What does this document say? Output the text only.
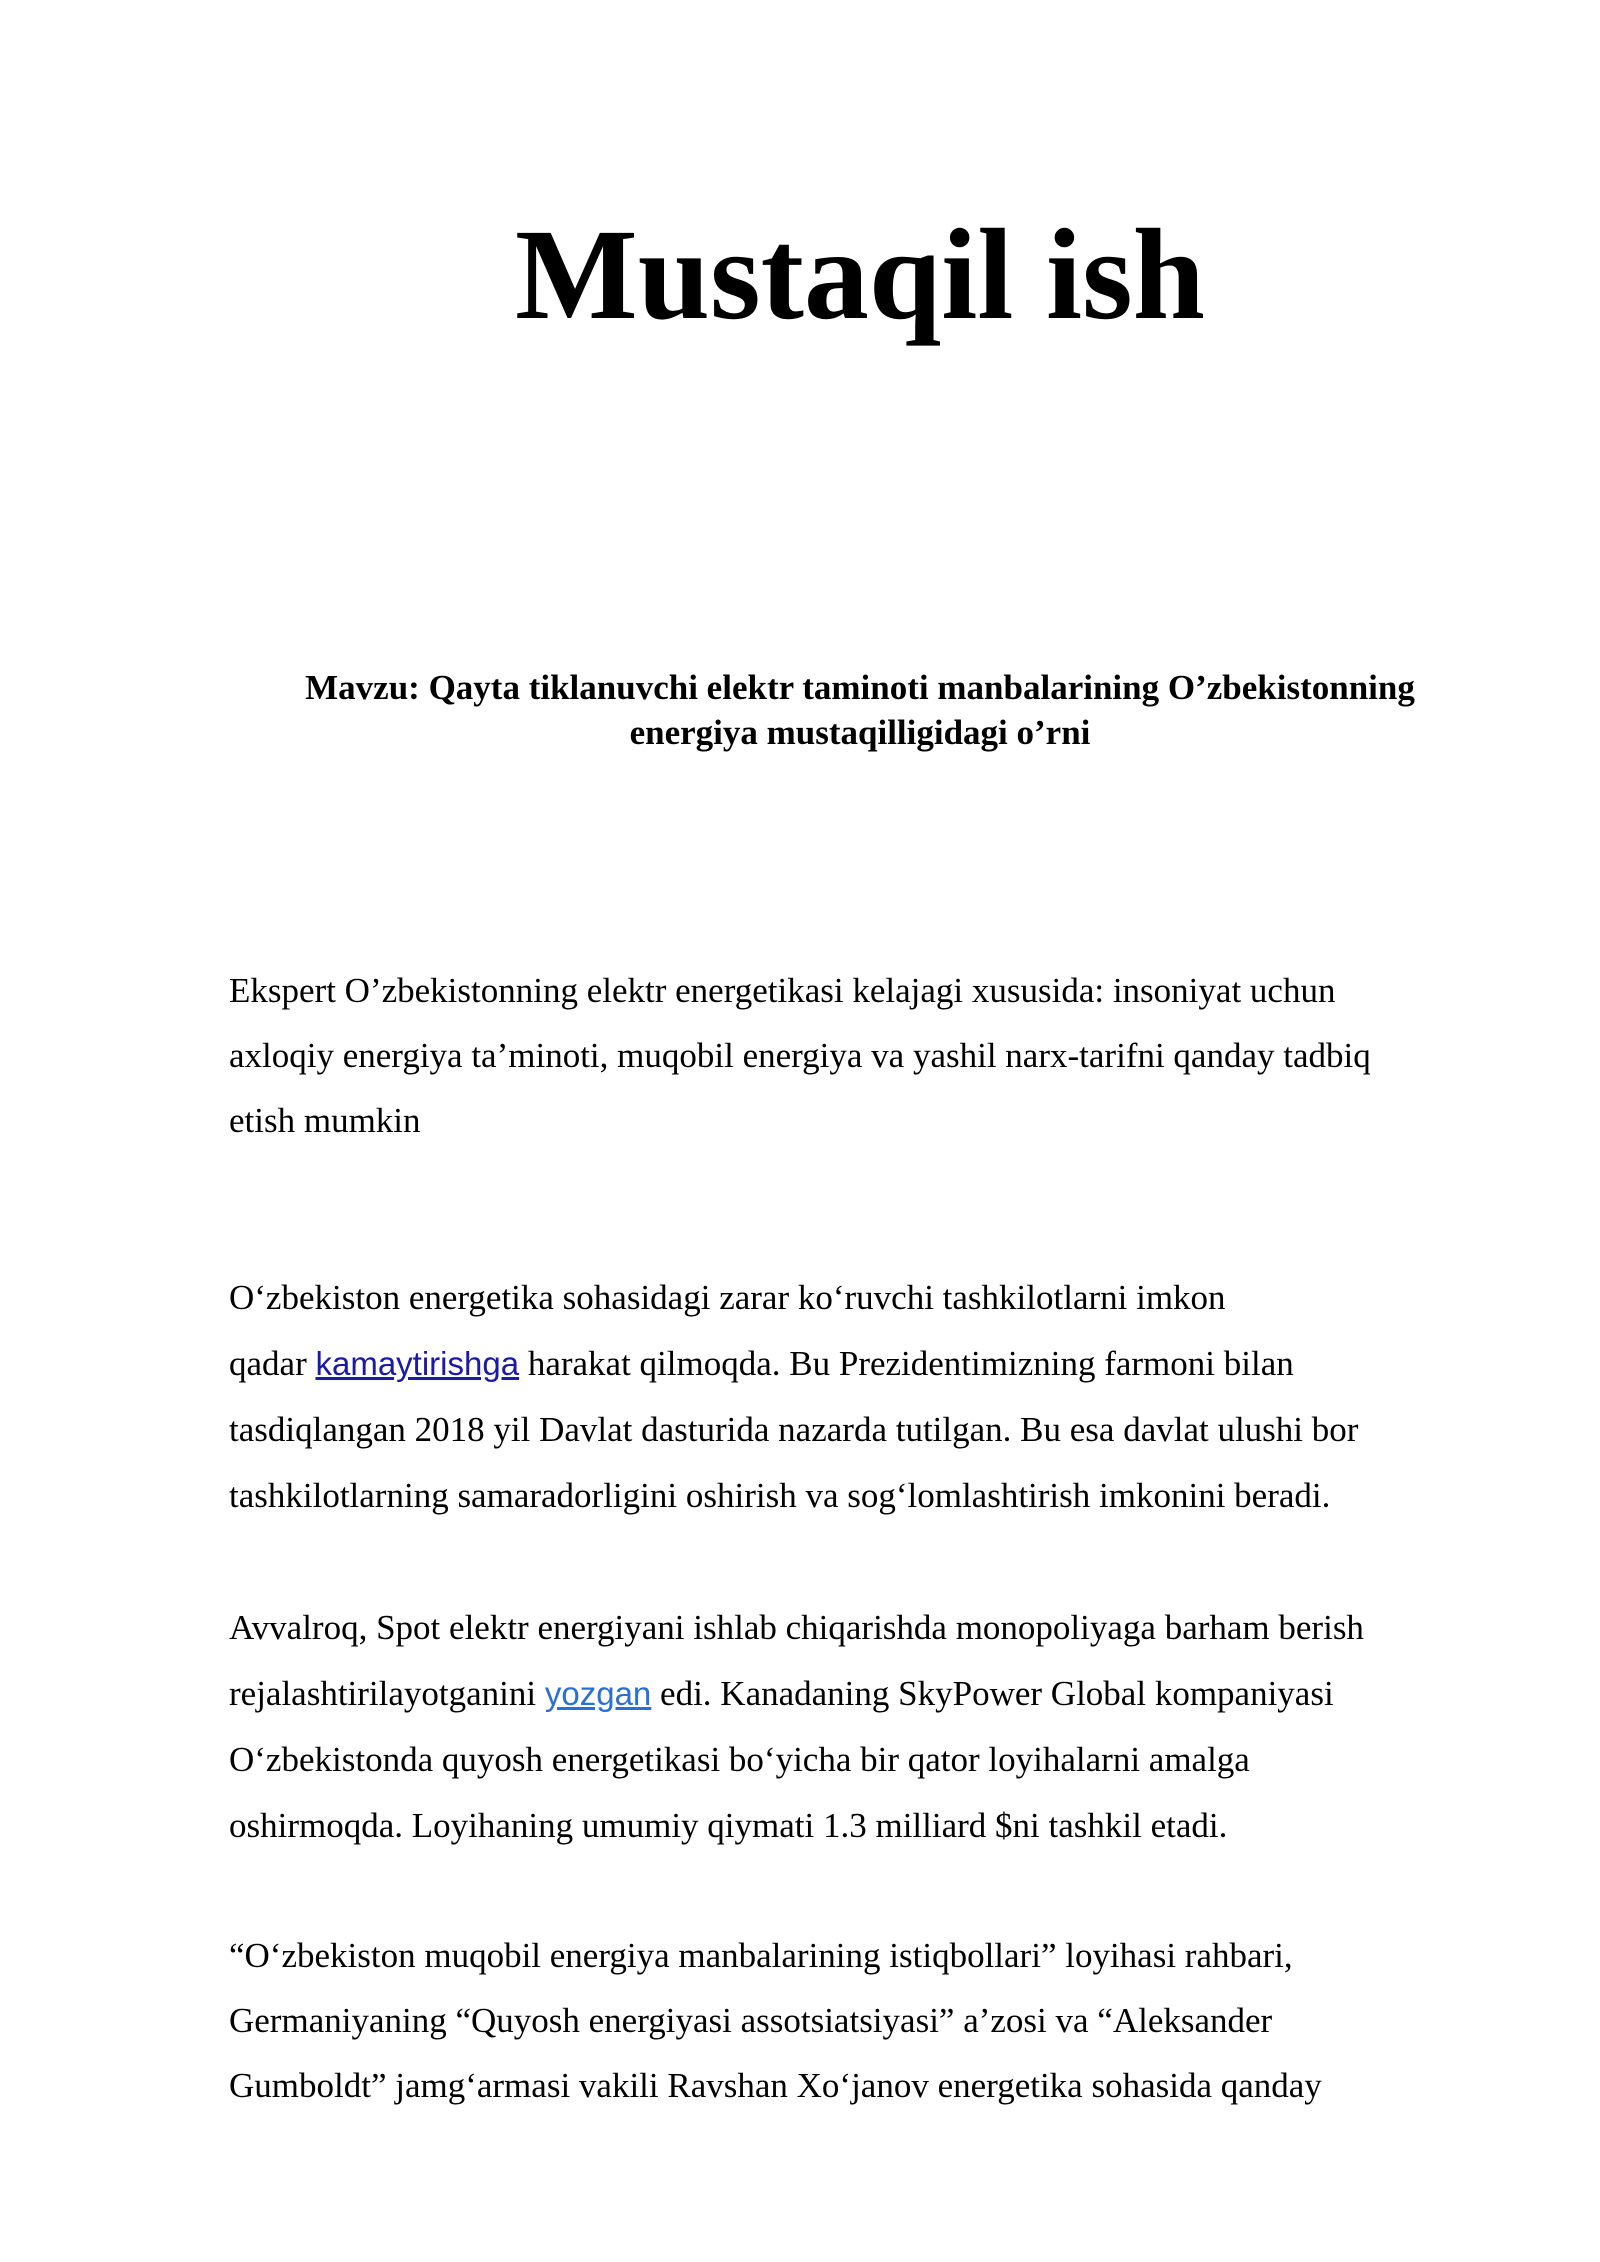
Mustaqil ish
Mavzu: Qayta tiklanuvchi elektr taminoti manbalarining O’zbekistonning
energiya mustaqilligidagi o’rni

Ekspert O’zbekistonning elektr energetikasi kelajagi xususida: insoniyat uchun
axloqiy energiya ta’minoti, muqobil energiya va yashil narx-tarifni qanday tadbiq
etish mumkin

O‘zbekiston energetika sohasidagi zarar ko‘ruvchi tashkilotlarni imkon
qadar kamaytirishga harakat qilmoqda. Bu Prezidentimizning farmoni bilan
tasdiqlangan 2018 yil Davlat dasturida nazarda tutilgan. Bu esa davlat ulushi bor
tashkilotlarning samaradorligini oshirish va sog‘lomlashtirish imkonini beradi.

Avvalroq, Spot elektr energiyani ishlab chiqarishda monopoliyaga barham berish
rejalashtirilayotganini yozgan edi. Kanadaning SkyPower Global kompaniyasi
O‘zbekistonda quyosh energetikasi bo‘yicha bir qator loyihalarni amalga
oshirmoqda. Loyihaning umumiy qiymati 1.3 milliard $ni tashkil etadi.

“O‘zbekiston muqobil energiya manbalarining istiqbollari” loyihasi rahbari,
Germaniyaning “Quyosh energiyasi assotsiatsiyasi” a’zosi va “Aleksander
Gumboldt” jamg‘armasi vakili Ravshan Xo‘janov energetika sohasida qanday
